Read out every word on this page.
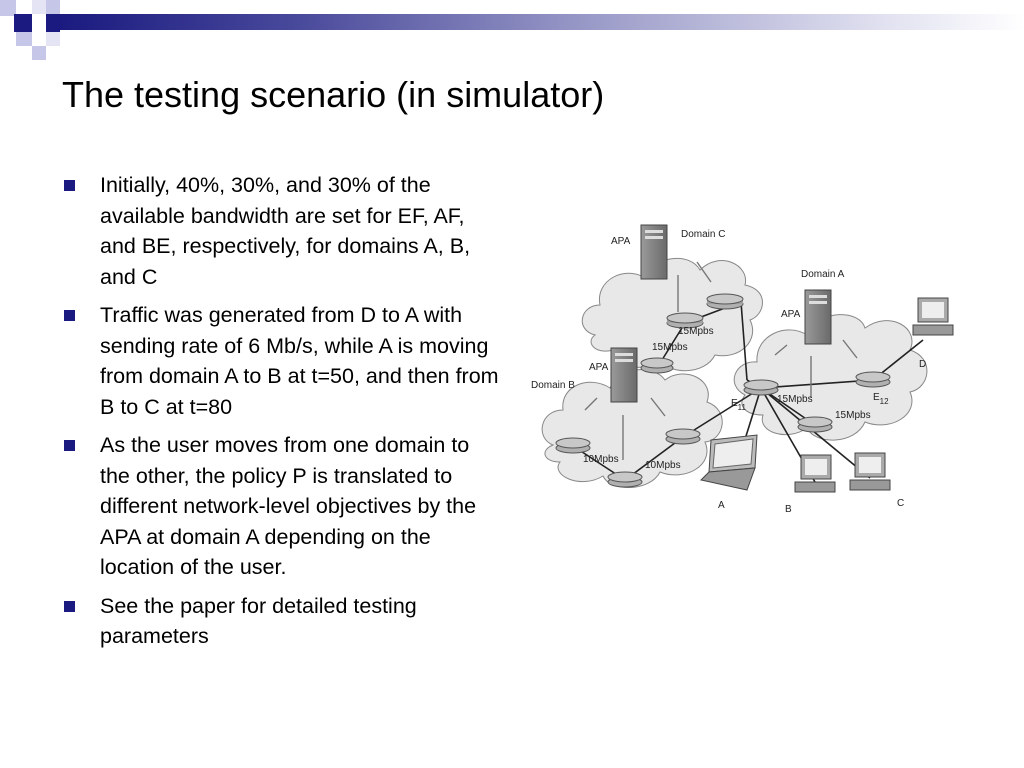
The testing scenario (in simulator)
Initially, 40%, 30%, and 30% of the available bandwidth are set for EF, AF, and BE, respectively, for domains A, B, and C
Traffic was generated from D to A with sending rate of 6 Mb/s, while A is moving from domain A to B at t=50, and then from B to C at t=80
As the user moves from one domain to the other, the policy P is translated to different network-level objectives by the APA at domain A depending on the location of the user.
See the paper for detailed testing parameters
Domain C
APA
15Mpbs
15Mpbs
Domain A
APA
15Mpbs
15Mpbs
$E_{11}$
$E_{12}$
Domain B
APA
10Mpbs
10Mpbs
A	B
C
D
